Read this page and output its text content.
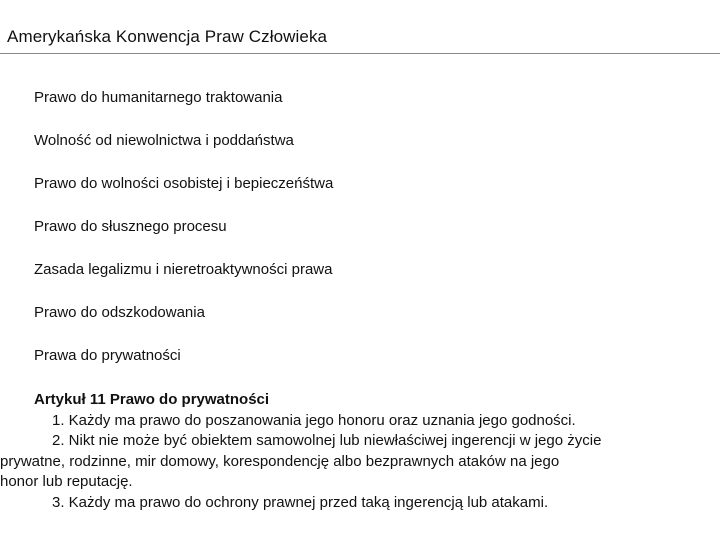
Amerykańska Konwencja Praw Człowieka
Prawo do humanitarnego traktowania
Wolność od niewolnictwa i poddaństwa
Prawo do wolności osobistej i bepieczeńśtwa
Prawo do słusznego procesu
Zasada legalizmu i nieretroaktywności prawa
Prawo do odszkodowania
Prawa do prywatności
Artykuł 11 Prawo do prywatności
1. Każdy ma prawo do poszanowania jego honoru oraz uznania jego godności.
2. Nikt nie może być obiektem samowolnej lub niewłaściwej ingerencji w jego życie
prywatne, rodzinne, mir domowy, korespondencję albo bezprawnych ataków na jego
honor lub reputację.
3. Każdy ma prawo do ochrony prawnej przed taką ingerencją lub atakami.
